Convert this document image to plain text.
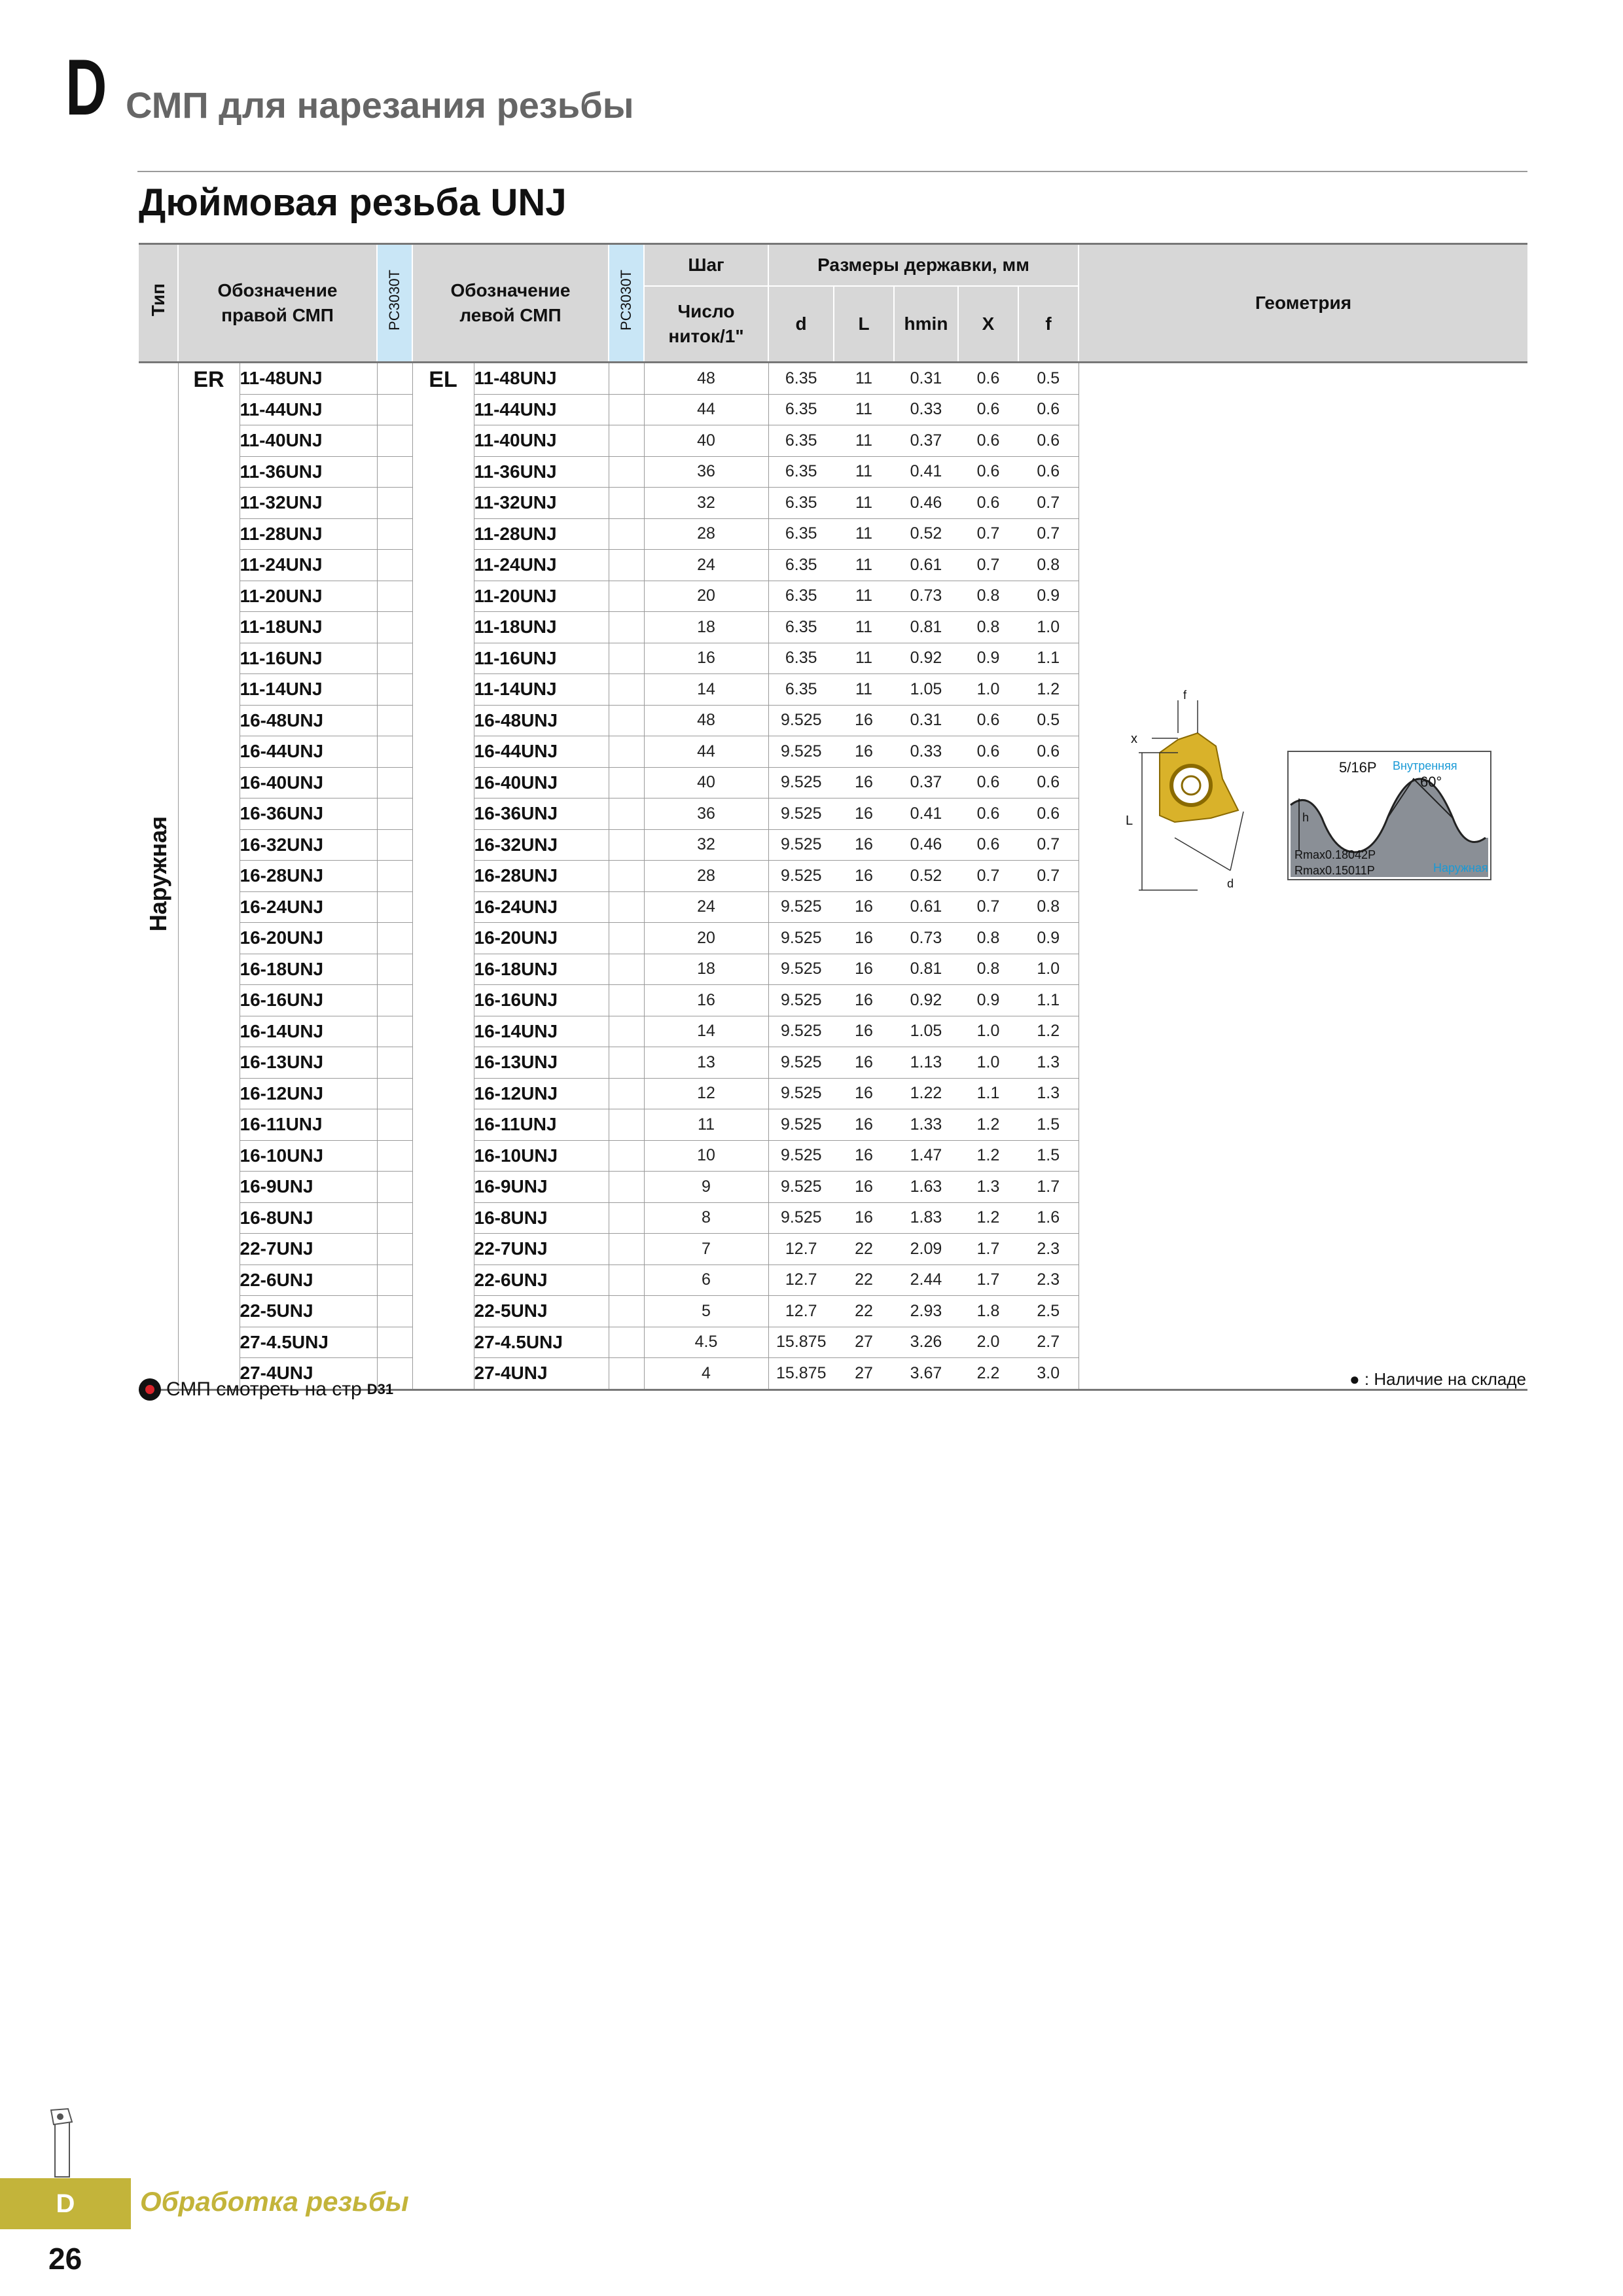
D СМП для нарезания резьбы
Дюймовая резьба UNJ
Тип	Обозначение правой СМП		PC3030T	Обозначение левой СМП		PC3030T	Шаг	Размеры державки, мм					Геометрия
							Число ниток/1"	d	L	hmin	X	f	

Наружная	ER	11-48UNJ		EL	11-48UNJ		48	6.35	11	0.31	0.6	0.5	
		11-44UNJ			11-44UNJ		44	6.35	11	0.33	0.6	0.6	
		11-40UNJ			11-40UNJ		40	6.35	11	0.37	0.6	0.6	
		11-36UNJ			11-36UNJ		36	6.35	11	0.41	0.6	0.6	
		11-32UNJ			11-32UNJ		32	6.35	11	0.46	0.6	0.7	
		11-28UNJ			11-28UNJ		28	6.35	11	0.52	0.7	0.7	
		11-24UNJ			11-24UNJ		24	6.35	11	0.61	0.7	0.8	
		11-20UNJ			11-20UNJ		20	6.35	11	0.73	0.8	0.9	
		11-18UNJ			11-18UNJ		18	6.35	11	0.81	0.8	1.0	
		11-16UNJ			11-16UNJ		16	6.35	11	0.92	0.9	1.1	
		11-14UNJ			11-14UNJ		14	6.35	11	1.05	1.0	1.2	
		16-48UNJ			16-48UNJ		48	9.525	16	0.31	0.6	0.5	
		16-44UNJ			16-44UNJ		44	9.525	16	0.33	0.6	0.6	
		16-40UNJ			16-40UNJ		40	9.525	16	0.37	0.6	0.6	
		16-36UNJ			16-36UNJ		36	9.525	16	0.41	0.6	0.6	
		16-32UNJ			16-32UNJ		32	9.525	16	0.46	0.6	0.7	
		16-28UNJ			16-28UNJ		28	9.525	16	0.52	0.7	0.7	
		16-24UNJ			16-24UNJ		24	9.525	16	0.61	0.7	0.8	
		16-20UNJ			16-20UNJ		20	9.525	16	0.73	0.8	0.9	
		16-18UNJ			16-18UNJ		18	9.525	16	0.81	0.8	1.0	
		16-16UNJ			16-16UNJ		16	9.525	16	0.92	0.9	1.1	
		16-14UNJ			16-14UNJ		14	9.525	16	1.05	1.0	1.2	
		16-13UNJ			16-13UNJ		13	9.525	16	1.13	1.0	1.3	
		16-12UNJ			16-12UNJ		12	9.525	16	1.22	1.1	1.3	
		16-11UNJ			16-11UNJ		11	9.525	16	1.33	1.2	1.5	
		16-10UNJ			16-10UNJ		10	9.525	16	1.47	1.2	1.5	
		16-9UNJ			16-9UNJ		9	9.525	16	1.63	1.3	1.7	
		16-8UNJ			16-8UNJ		8	9.525	16	1.83	1.2	1.6	
		22-7UNJ			22-7UNJ		7	12.7	22	2.09	1.7	2.3	
		22-6UNJ			22-6UNJ		6	12.7	22	2.44	1.7	2.3	
		22-5UNJ			22-5UNJ		5	12.7	22	2.93	1.8	2.5	
		27-4.5UNJ			27-4.5UNJ		4.5	15.875	27	3.26	2.0	2.7	
		27-4UNJ			27-4UNJ		4	15.875	27	3.67	2.2	3.0	
f
x
L
d
5/16P Внутренняя
60°
h
Rmax0.18042P
Rmax0.15011P	Наружная
СМП смотреть на стр D31
● : Наличие на складе
D	Обработка резьбы
26
